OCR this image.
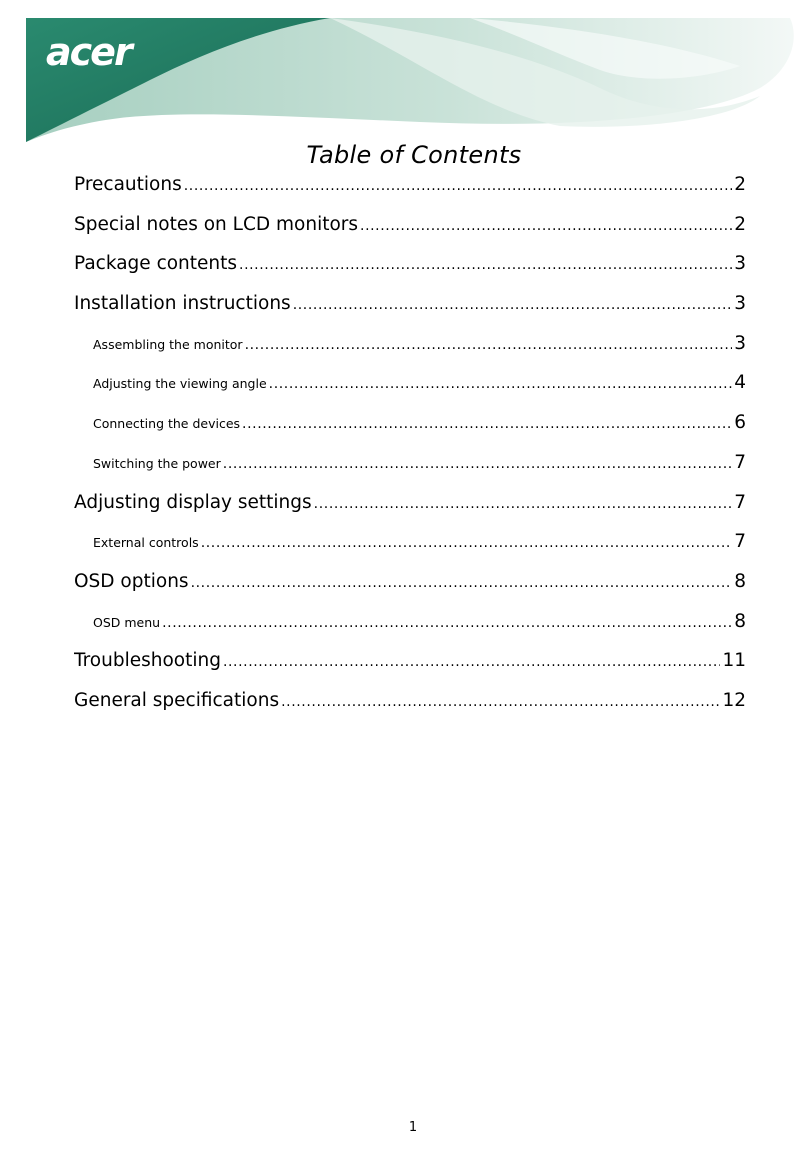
acer
Table of Contents
Precautions .....	2
Special notes on LCD monitors .....	2
Package contents .....	3
Installation instructions .....	3
Assembling the monitor .....	3
Adjusting the viewing angle .....	4
Connecting the devices .....	6
Switching the power .....	7
Adjusting display settings .....	7
External controls .....	7
OSD options .....	8
OSD menu .....	8
Troubleshooting .....	11
General specifications .....	12
1
